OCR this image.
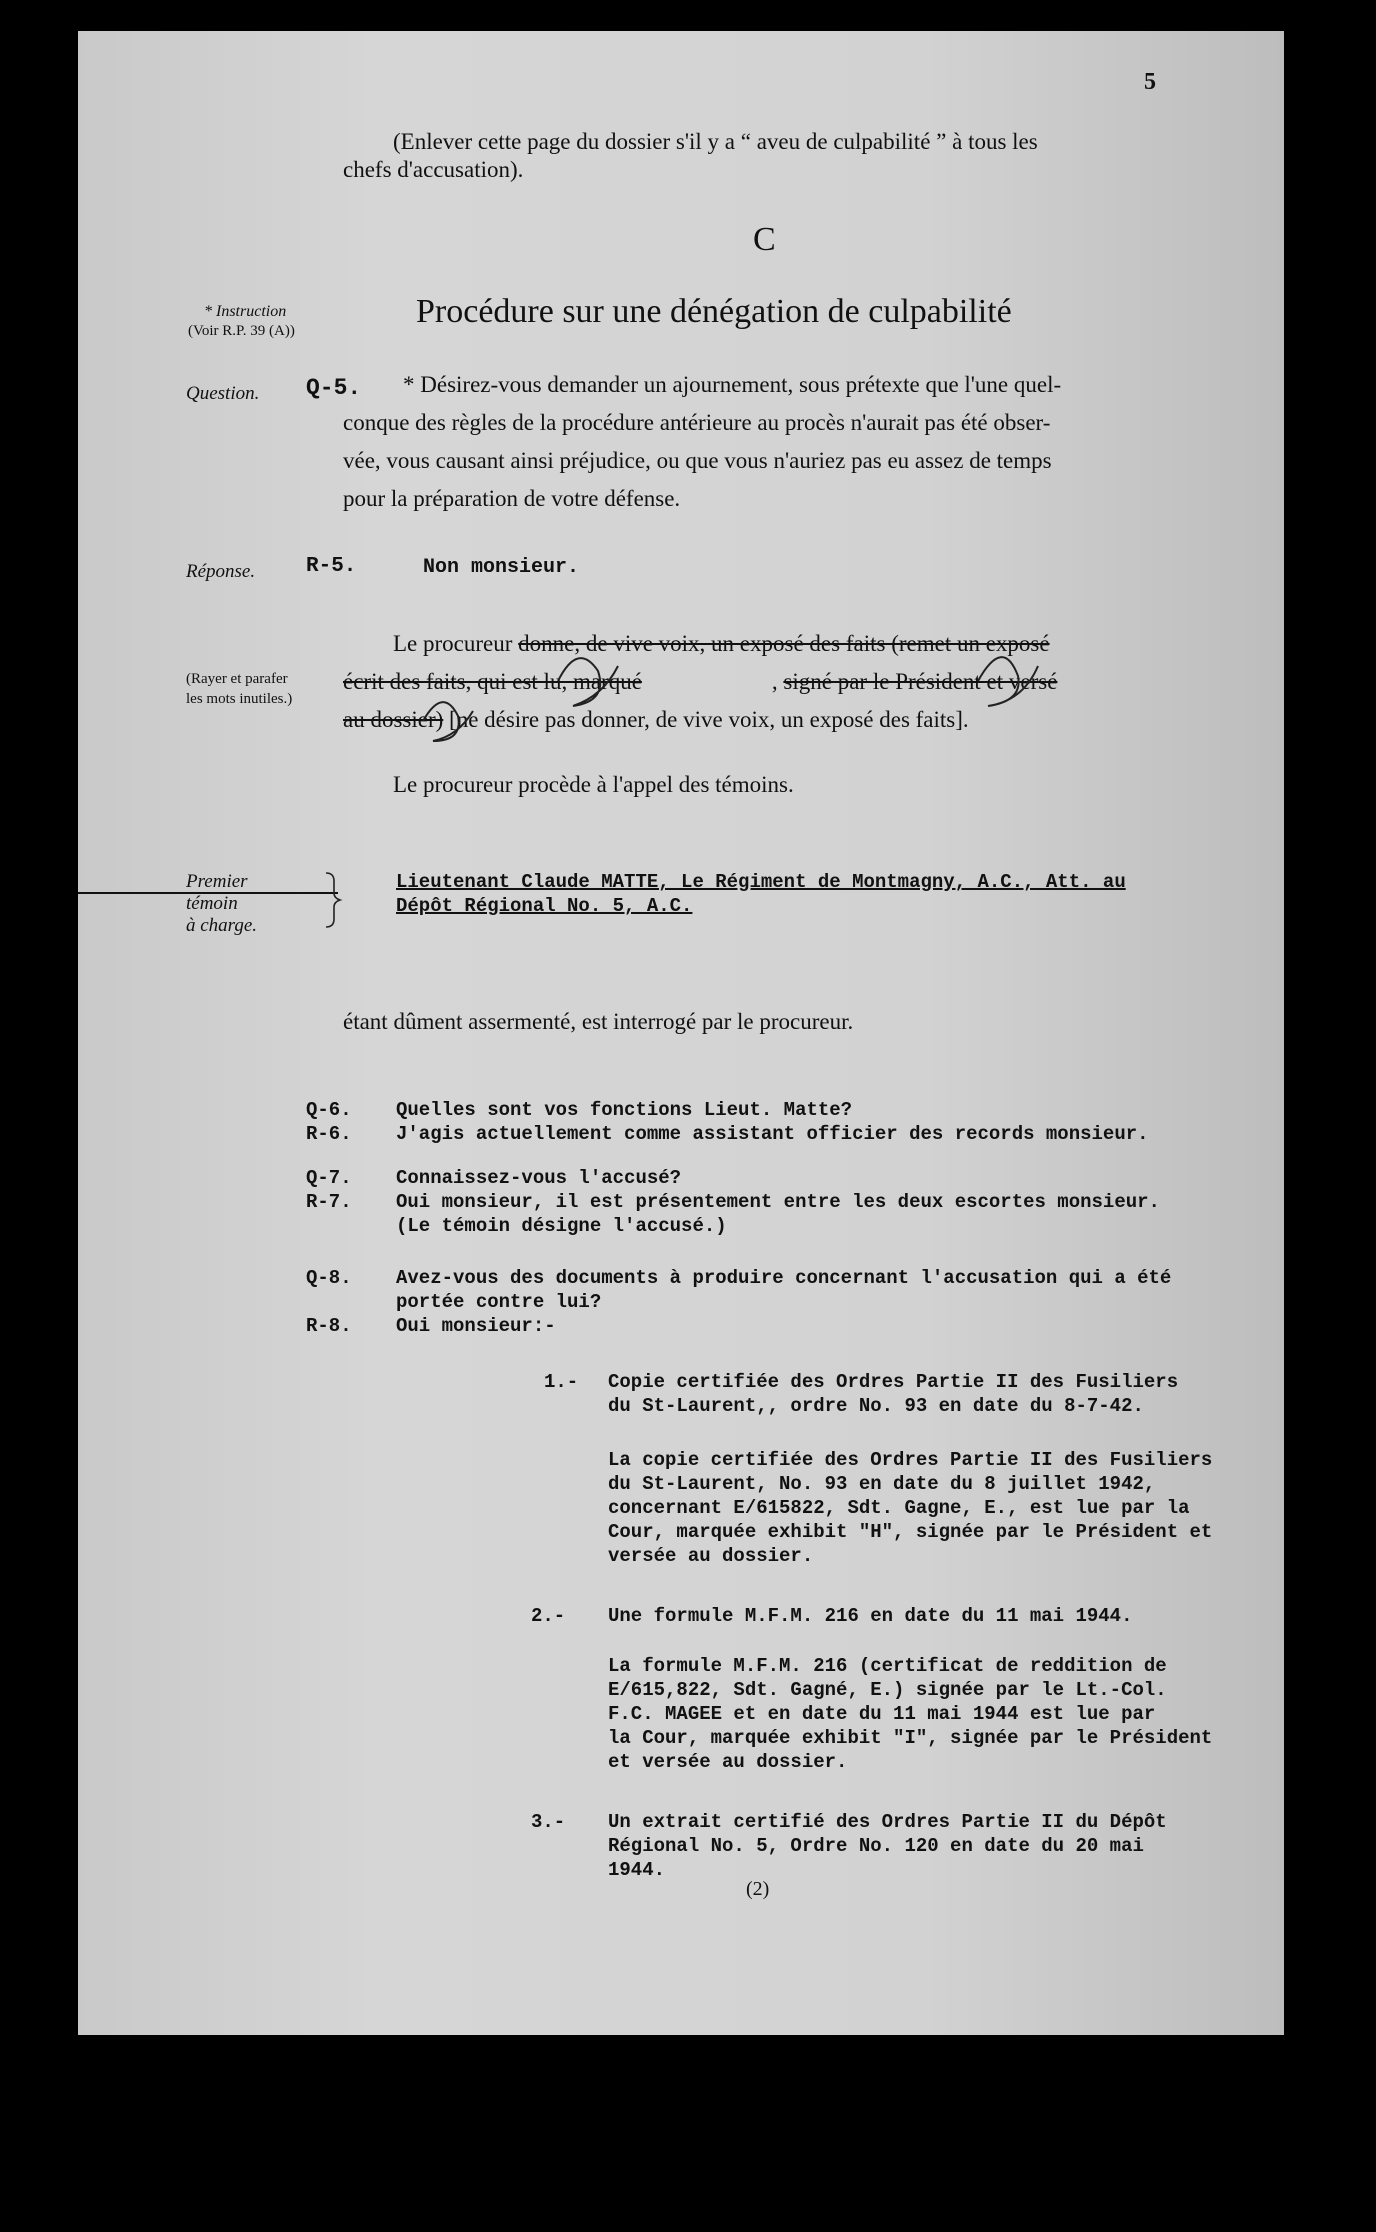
5
(Enlever cette page du dossier s'il y a “ aveu de culpabilité ” à tous les
chefs d'accusation).
C
* Instruction
(Voir R.P. 39 (A))
Procédure sur une dénégation de culpabilité
Question. Q-5. * Désirez-vous demander un ajournement, sous prétexte que l'une quel-
conque des règles de la procédure antérieure au procès n'aurait pas été obser-
vée, vous causant ainsi préjudice, ou que vous n'auriez pas eu assez de temps
pour la préparation de votre défense.
Réponse. R-5.	Non monsieur.
(Rayer et parafer
les mots inutiles.)
Le procureur donne, de vive voix, un exposé des faits (remet un exposé
écrit des faits, qui est lu, marqué	, signé par le Président et versé
au dossier) [ne désire pas donner, de vive voix, un exposé des faits].
Le procureur procède à l'appel des témoins.
Premier
témoin
à charge.
Lieutenant Claude MATTE, Le Régiment de Montmagny, A.C., Att. au
Dépôt Régional No. 5, A.C.
étant dûment assermenté, est interrogé par le procureur.
Q-6. Quelles sont vos fonctions Lieut. Matte?
R-6. J'agis actuellement comme assistant officier des records monsieur.
Q-7. Connaissez-vous l'accusé?
R-7. Oui monsieur, il est présentement entre les deux escortes monsieur.
(Le témoin désigne l'accusé.)
Q-8. Avez-vous des documents à produire concernant l'accusation qui a été
portée contre lui?
R-8. Oui monsieur:-
1.- Copie certifiée des Ordres Partie II des Fusiliers
du St-Laurent,, ordre No. 93 en date du 8-7-42.
La copie certifiée des Ordres Partie II des Fusiliers
du St-Laurent, No. 93 en date du 8 juillet 1942,
concernant E/615822, Sdt. Gagne, E., est lue par la
Cour, marquée exhibit "H", signée par le Président et
versée au dossier.
2.- Une formule M.F.M. 216 en date du 11 mai 1944.
La formule M.F.M. 216 (certificat de reddition de
E/615,822, Sdt. Gagné, E.) signée par le Lt.-Col.
F.C. MAGEE et en date du 11 mai 1944 est lue par
la Cour, marquée exhibit "I", signée par le Président
et versée au dossier.
3.- Un extrait certifié des Ordres Partie II du Dépôt
Régional No. 5, Ordre No. 120 en date du 20 mai
1944.
(2)
